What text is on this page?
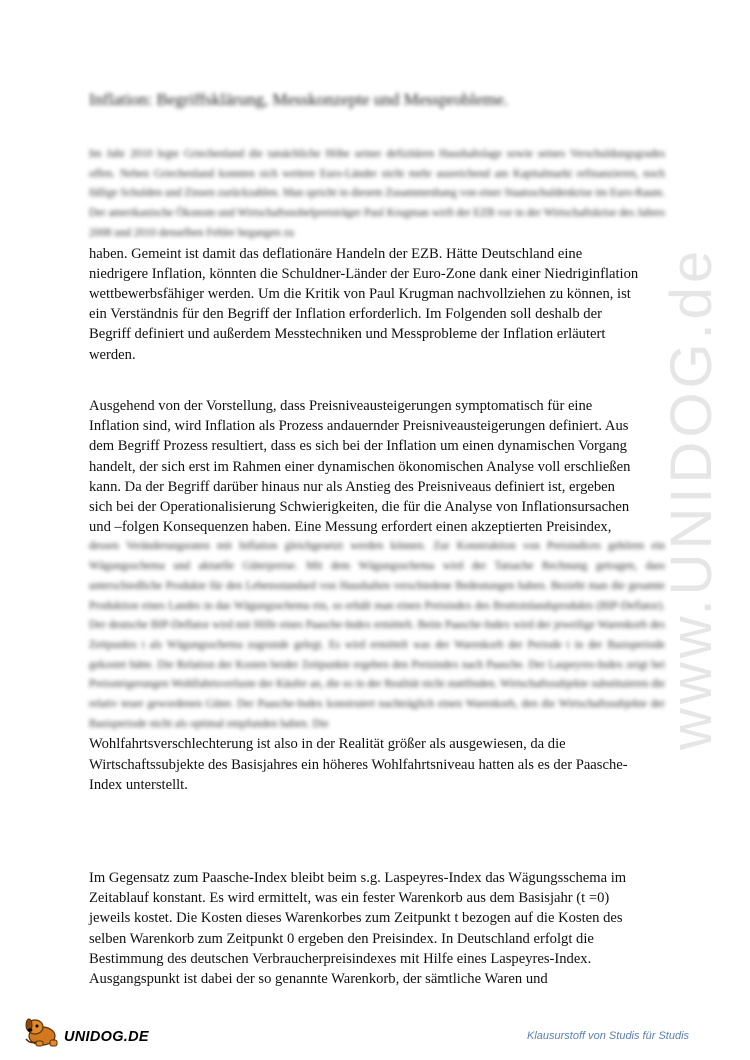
Inflation: Begriffsklärung, Messkonzepte und Messprobleme.
Im Jahr 2010 legte Griechenland die tatsächliche Höhe seiner defizitären Haushaltslage sowie seines Verschuldungsgrades offen. Neben Griechenland konnten sich weitere Euro-Länder nicht mehr ausreichend am Kapitalmarkt refinanzieren, noch fällige Schulden und Zinsen zurückzahlen. Man spricht in diesem Zusammenhang von einer Staatsschuldenkrise im Euro-Raum. Der amerikanische Ökonom und Wirtschaftsnobelpreisträger Paul Krugman wirft der EZB vor in der Wirtschaftskrise des Jahres 2008 und 2010 denselben Fehler begangen zu
haben. Gemeint ist damit das deflationäre Handeln der EZB. Hätte Deutschland eine
niedrigere Inflation, könnten die Schuldner-Länder der Euro-Zone dank einer Niedriginflation
wettbewerbsfähiger werden. Um die Kritik von Paul Krugman nachvollziehen zu können, ist
ein Verständnis für den Begriff der Inflation erforderlich. Im Folgenden soll deshalb der
Begriff definiert und außerdem Messtechniken und Messprobleme der Inflation erläutert
werden.
Ausgehend von der Vorstellung, dass Preisniveausteigerungen symptomatisch für eine
Inflation sind, wird Inflation als Prozess andauernder Preisniveausteigerungen definiert. Aus
dem Begriff Prozess resultiert, dass es sich bei der Inflation um einen dynamischen Vorgang
handelt, der sich erst im Rahmen einer dynamischen ökonomischen Analyse voll erschließen
kann. Da der Begriff darüber hinaus nur als Anstieg des Preisniveaus definiert ist, ergeben
sich bei der Operationalisierung Schwierigkeiten, die für die Analyse von Inflationsursachen
und –folgen Konsequenzen haben. Eine Messung erfordert einen akzeptierten Preisindex,
dessen Veränderungsraten mit Inflation gleichgesetzt werden können. Zur Konstruktion von Preisindices gehören ein Wägungsschema und aktuelle Güterpreise. Mit dem Wägungsschema wird der Tatsache Rechnung getragen, dass unterschiedliche Produkte für den Lebensstandard von Haushalten verschiedene Bedeutungen haben. Bezieht man die gesamte Produktion eines Landes in das Wägungsschema ein, so erhält man einen Preisindex des Bruttoinlandsprodukts (BIP-Deflator). Der deutsche BIP-Deflator wird mit Hilfe eines Paasche-Index ermittelt. Beim Paasche-Index wird der jeweilige Warenkorb des Zeitpunkts t als Wägungsschema zugrunde gelegt. Es wird ermittelt was der Warenkorb der Periode t in der Basisperiode gekostet hätte. Die Relation der Kosten beider Zeitpunkte ergeben den Preisindex nach Paasche. Der Laspeyres-Index zeigt bei Preissteigerungen Wohlfahrtsverluste der Käufer an, die so in der Realität nicht stattfinden. Wirtschaftssubjekte substituieren die relativ teuer gewordenen Güter. Der Paasche-Index konstruiert nachträglich einen Warenkorb, den die Wirtschaftssubjekte der Basisperiode nicht als optimal empfunden haben. Die
Wohlfahrtsverschlechterung ist also in der Realität größer als ausgewiesen, da die
Wirtschaftssubjekte des Basisjahres ein höheres Wohlfahrtsniveau hatten als es der Paasche-
Index unterstellt.
Im Gegensatz zum Paasche-Index bleibt beim s.g. Laspeyres-Index das Wägungsschema im
Zeitablauf konstant. Es wird ermittelt, was ein fester Warenkorb aus dem Basisjahr (t =0)
jeweils kostet. Die Kosten dieses Warenkorbes zum Zeitpunkt t bezogen auf die Kosten des
selben Warenkorb zum Zeitpunkt 0 ergeben den Preisindex. In Deutschland erfolgt die
Bestimmung des deutschen Verbraucherpreisindexes mit Hilfe eines Laspeyres-Index.
Ausgangspunkt ist dabei der so genannte Warenkorb, der sämtliche Waren und
www.UNIDOG.de
UNIDOG.DE	Klausurstoff von Studis für Studis
